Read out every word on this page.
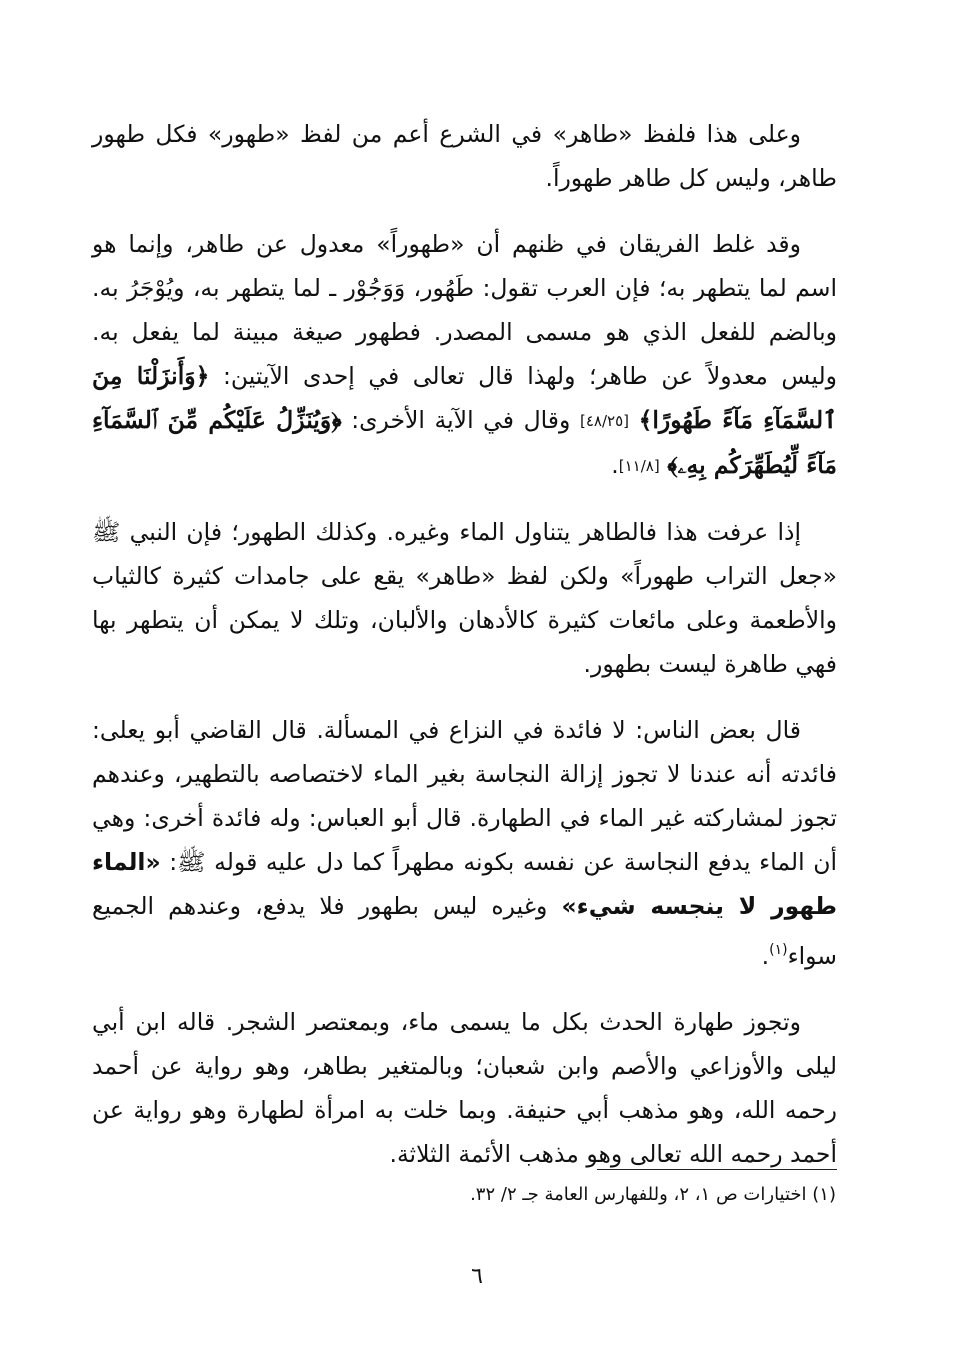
وعلى هذا فلفظ «طاهر» في الشرع أعم من لفظ «طهور» فكل طهور طاهر، وليس كل طاهر طهوراً.

وقد غلط الفريقان في ظنهم أن «طهوراً» معدول عن طاهر، وإنما هو اسم لما يتطهر به؛ فإن العرب تقول: طَهُور، وَوَجُوْر ـ لما يتطهر به، ويُوْجَرُ به. وبالضم للفعل الذي هو مسمى المصدر. فطهور صيغة مبينة لما يفعل به. وليس معدولاً عن طاهر؛ ولهذا قال تعالى في إحدى الآيتين: ﴿وَأَنزَلْنَا مِنَ ٱلسَّمَآءِ مَآءً طَهُورًا﴾ [٤٨/٢٥] وقال في الآية الأخرى: ﴿وَيُنَزِّلُ عَلَيْكُم مِّنَ ٱلسَّمَآءِ مَآءً لِّيُطَهِّرَكُم بِهِۦ﴾ [١١/٨].

إذا عرفت هذا فالطاهر يتناول الماء وغيره. وكذلك الطهور؛ فإن النبي ﷺ «جعل التراب طهوراً» ولكن لفظ «طاهر» يقع على جامدات كثيرة كالثياب والأطعمة وعلى مائعات كثيرة كالأدهان والألبان، وتلك لا يمكن أن يتطهر بها فهي طاهرة ليست بطهور.

قال بعض الناس: لا فائدة في النزاع في المسألة. قال القاضي أبو يعلى: فائدته أنه عندنا لا تجوز إزالة النجاسة بغير الماء لاختصاصه بالتطهير، وعندهم تجوز لمشاركته غير الماء في الطهارة. قال أبو العباس: وله فائدة أخرى: وهي أن الماء يدفع النجاسة عن نفسه بكونه مطهراً كما دل عليه قوله ﷺ: «الماء طهور لا ينجسه شيء» وغيره ليس بطهور فلا يدفع، وعندهم الجميع سواء$^{(١)}$.

وتجوز طهارة الحدث بكل ما يسمى ماء، وبمعتصر الشجر. قاله ابن أبي ليلى والأوزاعي والأصم وابن شعبان؛ وبالمتغير بطاهر، وهو رواية عن أحمد رحمه الله، وهو مذهب أبي حنيفة. وبما خلت به امرأة لطهارة وهو رواية عن أحمد رحمه الله تعالى وهو مذهب الأئمة الثلاثة.

(١) اختيارات ص ١، ٢، وللفهارس العامة جـ ٢/ ٣٢.
٦
